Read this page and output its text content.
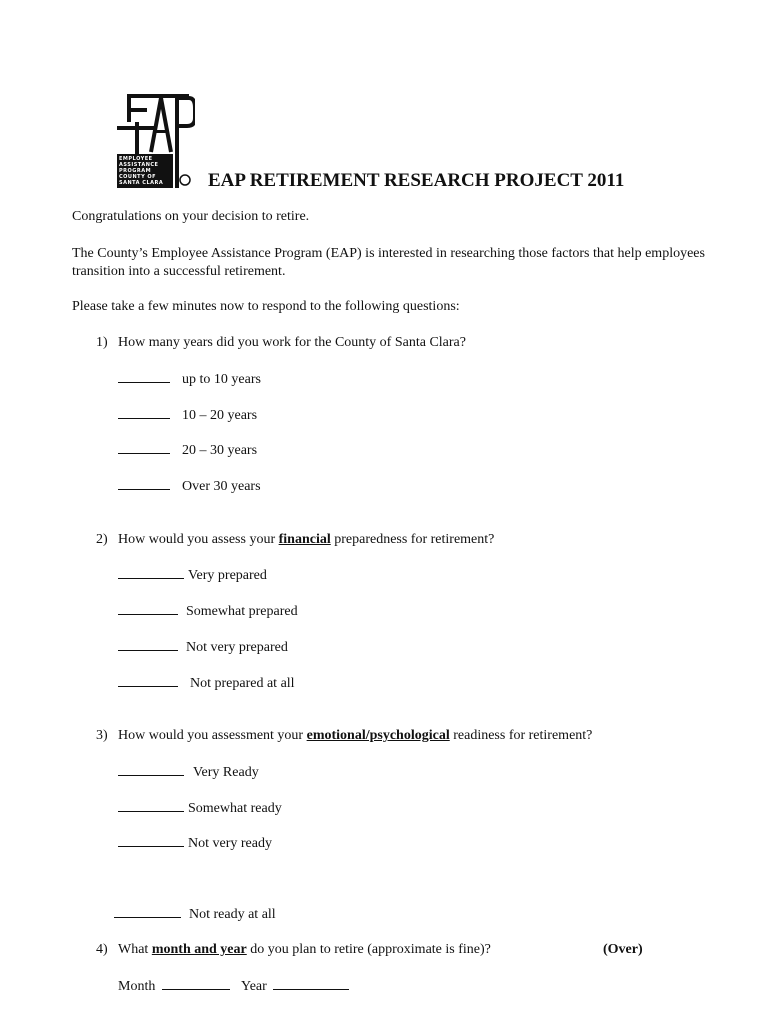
EMPLOYEE
ASSISTANCE
PROGRAM
COUNTY OF
SANTA CLARA	EAP RETIREMENT RESEARCH PROJECT 2011
Congratulations on your decision to retire.
The County’s Employee Assistance Program (EAP) is interested in researching those factors that help employees transition into a successful retirement.
Please take a few minutes now to respond to the following questions:
1) How many years did you work for the County of Santa Clara?
up to 10 years
10 – 20 years
20 – 30 years
Over 30 years
2) How would you assess your financial preparedness for retirement?
Very prepared
Somewhat prepared
Not very prepared
Not prepared at all
3) How would you assessment your emotional/psychological readiness for retirement?
Very Ready
Somewhat ready
Not very ready
Not ready at all
4) What month and year do you plan to retire (approximate is fine)?	(Over)
Month	Year
